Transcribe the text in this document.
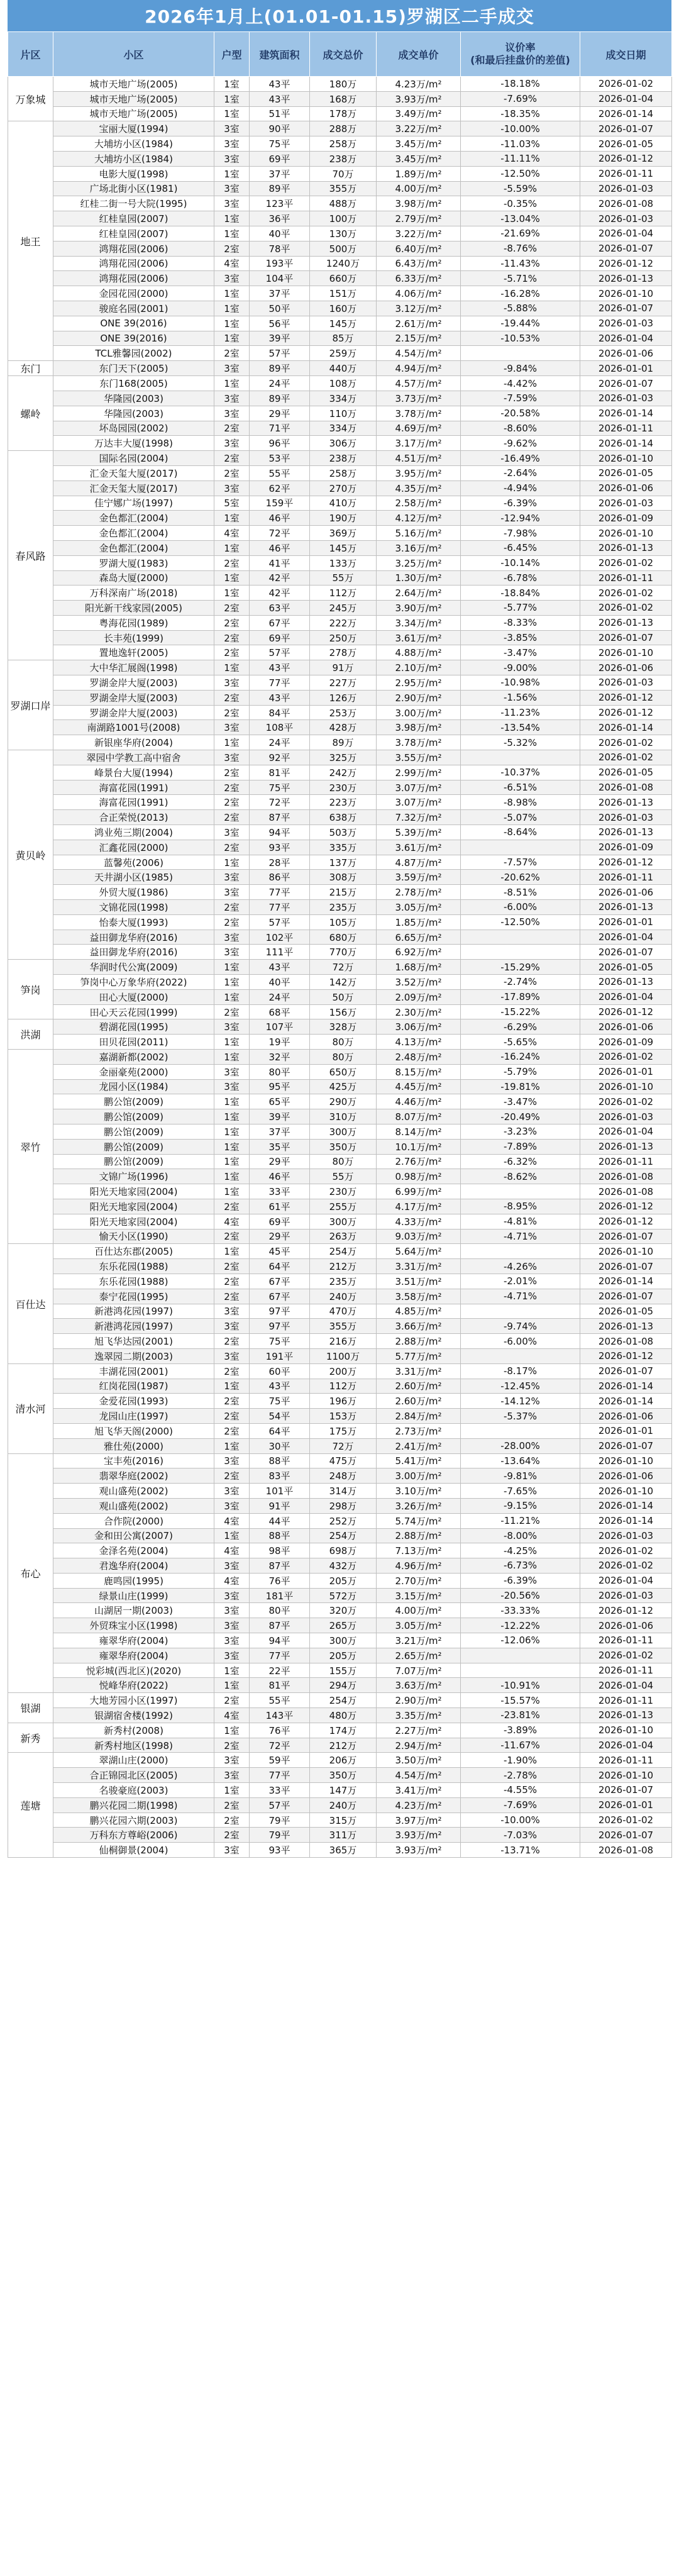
2026年1月上(01.01-01.15)罗湖区二手成交
片区	小区	户型	建筑面积	成交总价	成交单价	议价率
(和最后挂盘价的差值)	成交日期
万象城	城市天地广场(2005)	1室	43平	180万	4.23万/m²	-18.18%	2026-01-02
	城市天地广场(2005)	1室	43平	168万	3.93万/m²	-7.69%	2026-01-04
	城市天地广场(2005)	1室	51平	178万	3.49万/m²	-18.35%	2026-01-14
地王	宝丽大厦(1994)	3室	90平	288万	3.22万/m²	-10.00%	2026-01-07
	大埔坊小区(1984)	3室	75平	258万	3.45万/m²	-11.03%	2026-01-05
	大埔坊小区(1984)	3室	69平	238万	3.45万/m²	-11.11%	2026-01-12
	电影大厦(1998)	1室	37平	70万	1.89万/m²	-12.50%	2026-01-11
	广场北街小区(1981)	3室	89平	355万	4.00万/m²	-5.59%	2026-01-03
	红桂二街一号大院(1995)	3室	123平	488万	3.98万/m²	-0.35%	2026-01-08
	红桂皇园(2007)	1室	36平	100万	2.79万/m²	-13.04%	2026-01-03
	红桂皇园(2007)	1室	40平	130万	3.22万/m²	-21.69%	2026-01-04
	鸿翔花园(2006)	2室	78平	500万	6.40万/m²	-8.76%	2026-01-07
	鸿翔花园(2006)	4室	193平	1240万	6.43万/m²	-11.43%	2026-01-12
	鸿翔花园(2006)	3室	104平	660万	6.33万/m²	-5.71%	2026-01-13
	金园花园(2000)	1室	37平	151万	4.06万/m²	-16.28%	2026-01-10
	骏庭名园(2001)	1室	50平	160万	3.12万/m²	-5.88%	2026-01-07
	ONE 39(2016)	1室	56平	145万	2.61万/m²	-19.44%	2026-01-03
	ONE 39(2016)	1室	39平	85万	2.15万/m²	-10.53%	2026-01-04
	TCL雅馨园(2002)	2室	57平	259万	4.54万/m²		2026-01-06
东门	东门天下(2005)	3室	89平	440万	4.94万/m²	-9.84%	2026-01-01
螺岭	东门168(2005)	1室	24平	108万	4.57万/m²	-4.42%	2026-01-07
	华隆园(2003)	3室	89平	334万	3.73万/m²	-7.59%	2026-01-03
	华隆园(2003)	3室	29平	110万	3.78万/m²	-20.58%	2026-01-14
	坏岛园园(2002)	2室	71平	334万	4.69万/m²	-8.60%	2026-01-11
	万达丰大厦(1998)	3室	96平	306万	3.17万/m²	-9.62%	2026-01-14
春风路	国际名园(2004)	2室	53平	238万	4.51万/m²	-16.49%	2026-01-10
	汇金天玺大厦(2017)	2室	55平	258万	3.95万/m²	-2.64%	2026-01-05
	汇金天玺大厦(2017)	3室	62平	270万	4.35万/m²	-4.94%	2026-01-06
	佳宁娜广场(1997)	5室	159平	410万	2.58万/m²	-6.39%	2026-01-03
	金色都汇(2004)	1室	46平	190万	4.12万/m²	-12.94%	2026-01-09
	金色都汇(2004)	4室	72平	369万	5.16万/m²	-7.98%	2026-01-10
	金色都汇(2004)	1室	46平	145万	3.16万/m²	-6.45%	2026-01-13
	罗湖大厦(1983)	2室	41平	133万	3.25万/m²	-10.14%	2026-01-02
	森岛大厦(2000)	1室	42平	55万	1.30万/m²	-6.78%	2026-01-11
	万科深南广场(2018)	1室	42平	112万	2.64万/m²	-18.84%	2026-01-02
	阳光新干线家园(2005)	2室	63平	245万	3.90万/m²	-5.77%	2026-01-02
	粤海花园(1989)	2室	67平	222万	3.34万/m²	-8.33%	2026-01-13
	长丰苑(1999)	2室	69平	250万	3.61万/m²	-3.85%	2026-01-07
	置地逸轩(2005)	2室	57平	278万	4.88万/m²	-3.47%	2026-01-10
罗湖口岸	大中华汇展阁(1998)	1室	43平	91万	2.10万/m²	-9.00%	2026-01-06
	罗湖金岸大厦(2003)	3室	77平	227万	2.95万/m²	-10.98%	2026-01-03
	罗湖金岸大厦(2003)	2室	43平	126万	2.90万/m²	-1.56%	2026-01-12
	罗湖金岸大厦(2003)	2室	84平	253万	3.00万/m²	-11.23%	2026-01-12
	南湖路1001号(2008)	3室	108平	428万	3.98万/m²	-13.54%	2026-01-14
	新银座华府(2004)	1室	24平	89万	3.78万/m²	-5.32%	2026-01-02
黄贝岭	翠园中学教工高中宿舍	3室	92平	325万	3.55万/m²		2026-01-02
	峰景台大厦(1994)	2室	81平	242万	2.99万/m²	-10.37%	2026-01-05
	海富花园(1991)	2室	75平	230万	3.07万/m²	-6.51%	2026-01-08
	海富花园(1991)	2室	72平	223万	3.07万/m²	-8.98%	2026-01-13
	合正荣悦(2013)	2室	87平	638万	7.32万/m²	-5.07%	2026-01-03
	鸿业苑三期(2004)	3室	94平	503万	5.39万/m²	-8.64%	2026-01-13
	汇鑫花园(2000)	2室	93平	335万	3.61万/m²		2026-01-09
	蓝馨苑(2006)	1室	28平	137万	4.87万/m²	-7.57%	2026-01-12
	天井湖小区(1985)	3室	86平	308万	3.59万/m²	-20.62%	2026-01-11
	外贸大厦(1986)	3室	77平	215万	2.78万/m²	-8.51%	2026-01-06
	文锦花园(1998)	2室	77平	235万	3.05万/m²	-6.00%	2026-01-13
	怡泰大厦(1993)	2室	57平	105万	1.85万/m²	-12.50%	2026-01-01
	益田御龙华府(2016)	3室	102平	680万	6.65万/m²		2026-01-04
	益田御龙华府(2016)	3室	111平	770万	6.92万/m²		2026-01-07
笋岗	华润时代公寓(2009)	1室	43平	72万	1.68万/m²	-15.29%	2026-01-05
	笋岗中心万象华府(2022)	1室	40平	142万	3.52万/m²	-2.74%	2026-01-13
	田心大厦(2000)	1室	24平	50万	2.09万/m²	-17.89%	2026-01-04
	田心天云花园(1999)	2室	68平	156万	2.30万/m²	-15.22%	2026-01-12
洪湖	碧湖花园(1995)	3室	107平	328万	3.06万/m²	-6.29%	2026-01-06
	田贝花园(2011)	1室	19平	80万	4.13万/m²	-5.65%	2026-01-09
翠竹	嘉湖新都(2002)	1室	32平	80万	2.48万/m²	-16.24%	2026-01-02
	金丽豪苑(2000)	3室	80平	650万	8.15万/m²	-5.79%	2026-01-01
	龙园小区(1984)	3室	95平	425万	4.45万/m²	-19.81%	2026-01-10
	鹏公馆(2009)	1室	65平	290万	4.46万/m²	-3.47%	2026-01-02
	鹏公馆(2009)	1室	39平	310万	8.07万/m²	-20.49%	2026-01-03
	鹏公馆(2009)	1室	37平	300万	8.14万/m²	-3.23%	2026-01-04
	鹏公馆(2009)	1室	35平	350万	10.1万/m²	-7.89%	2026-01-13
	鹏公馆(2009)	1室	29平	80万	2.76万/m²	-6.32%	2026-01-11
	文锦广场(1996)	1室	46平	55万	0.98万/m²	-8.62%	2026-01-08
	阳光天地家园(2004)	1室	33平	230万	6.99万/m²		2026-01-08
	阳光天地家园(2004)	2室	61平	255万	4.17万/m²	-8.95%	2026-01-12
	阳光天地家园(2004)	4室	69平	300万	4.33万/m²	-4.81%	2026-01-12
	愉天小区(1990)	2室	29平	263万	9.03万/m²	-4.71%	2026-01-07
百仕达	百仕达东郡(2005)	1室	45平	254万	5.64万/m²		2026-01-10
	东乐花园(1988)	2室	64平	212万	3.31万/m²	-4.26%	2026-01-07
	东乐花园(1988)	2室	67平	235万	3.51万/m²	-2.01%	2026-01-14
	泰宁花园(1995)	2室	67平	240万	3.58万/m²	-4.71%	2026-01-07
	新港鸿花园(1997)	3室	97平	470万	4.85万/m²		2026-01-05
	新港鸿花园(1997)	3室	97平	355万	3.66万/m²	-9.74%	2026-01-13
	旭飞华达园(2001)	2室	75平	216万	2.88万/m²	-6.00%	2026-01-08
	逸翠园二期(2003)	3室	191平	1100万	5.77万/m²		2026-01-12
清水河	丰湖花园(2001)	2室	60平	200万	3.31万/m²	-8.17%	2026-01-07
	红岗花园(1987)	1室	43平	112万	2.60万/m²	-12.45%	2026-01-14
	金爱花园(1993)	2室	75平	196万	2.60万/m²	-14.12%	2026-01-14
	龙园山庄(1997)	2室	54平	153万	2.84万/m²	-5.37%	2026-01-06
	旭飞华天阁(2000)	2室	64平	175万	2.73万/m²		2026-01-01
	雅仕苑(2000)	1室	30平	72万	2.41万/m²	-28.00%	2026-01-07
布心	宝丰苑(2016)	3室	88平	475万	5.41万/m²	-13.64%	2026-01-10
	翡翠华庭(2002)	2室	83平	248万	3.00万/m²	-9.81%	2026-01-06
	观山盛苑(2002)	3室	101平	314万	3.10万/m²	-7.65%	2026-01-10
	观山盛苑(2002)	3室	91平	298万	3.26万/m²	-9.15%	2026-01-14
	合作院(2000)	4室	44平	252万	5.74万/m²	-11.21%	2026-01-14
	金和田公寓(2007)	1室	88平	254万	2.88万/m²	-8.00%	2026-01-03
	金泽名苑(2004)	4室	98平	698万	7.13万/m²	-4.25%	2026-01-02
	君逸华府(2004)	3室	87平	432万	4.96万/m²	-6.73%	2026-01-02
	鹿鸣园(1995)	4室	76平	205万	2.70万/m²	-6.39%	2026-01-04
	绿景山庄(1999)	3室	181平	572万	3.15万/m²	-20.56%	2026-01-03
	山湖居一期(2003)	3室	80平	320万	4.00万/m²	-33.33%	2026-01-12
	外贸珠宝小区(1998)	3室	87平	265万	3.05万/m²	-12.22%	2026-01-06
	雍翠华府(2004)	3室	94平	300万	3.21万/m²	-12.06%	2026-01-11
	雍翠华府(2004)	3室	77平	205万	2.65万/m²		2026-01-02
	悦彩城(西北区)(2020)	1室	22平	155万	7.07万/m²		2026-01-11
	悦峰华府(2022)	1室	81平	294万	3.63万/m²	-10.91%	2026-01-04
银湖	大地芳园小区(1997)	2室	55平	254万	2.90万/m²	-15.57%	2026-01-11
	银湖宿舍楼(1992)	4室	143平	480万	3.35万/m²	-23.81%	2026-01-13
新秀	新秀村(2008)	1室	76平	174万	2.27万/m²	-3.89%	2026-01-10
	新秀村地区(1998)	2室	72平	212万	2.94万/m²	-11.67%	2026-01-04
莲塘	翠湖山庄(2000)	3室	59平	206万	3.50万/m²	-1.90%	2026-01-11
	合正锦园北区(2005)	3室	77平	350万	4.54万/m²	-2.78%	2026-01-10
	名骏豪庭(2003)	1室	33平	147万	3.41万/m²	-4.55%	2026-01-07
	鹏兴花园二期(1998)	2室	57平	240万	4.23万/m²	-7.69%	2026-01-01
	鹏兴花园六期(2003)	2室	79平	315万	3.97万/m²	-10.00%	2026-01-02
	万科东方尊峪(2006)	2室	79平	311万	3.93万/m²	-7.03%	2026-01-07
	仙桐御景(2004)	3室	93平	365万	3.93万/m²	-13.71%	2026-01-08
